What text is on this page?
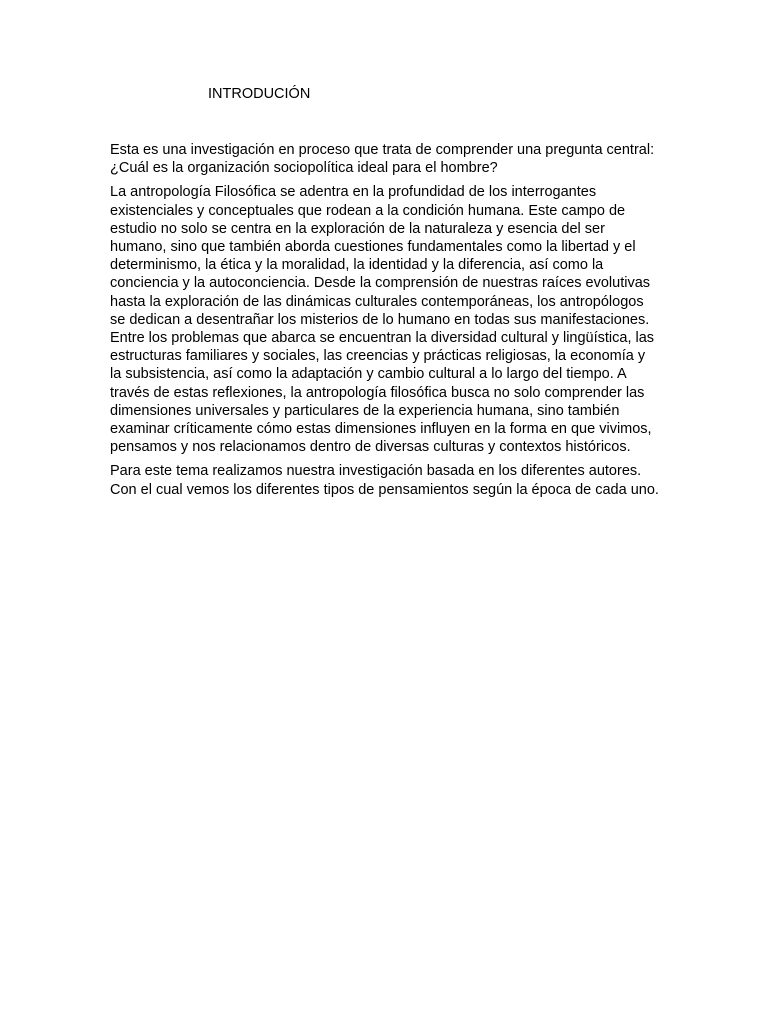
INTRODUCIÓN

Esta es una investigación en proceso que trata de comprender una pregunta central: ¿Cuál es la organización sociopolítica ideal para el hombre?

La antropología Filosófica se adentra en la profundidad de los interrogantes existenciales y conceptuales que rodean a la condición humana. Este campo de estudio no solo se centra en la exploración de la naturaleza y esencia del ser humano, sino que también aborda cuestiones fundamentales como la libertad y el determinismo, la ética y la moralidad, la identidad y la diferencia, así como la conciencia y la autoconciencia. Desde la comprensión de nuestras raíces evolutivas hasta la exploración de las dinámicas culturales contemporáneas, los antropólogos se dedican a desentrañar los misterios de lo humano en todas sus manifestaciones. Entre los problemas que abarca se encuentran la diversidad cultural y lingüística, las estructuras familiares y sociales, las creencias y prácticas religiosas, la economía y la subsistencia, así como la adaptación y cambio cultural a lo largo del tiempo. A través de estas reflexiones, la antropología filosófica busca no solo comprender las dimensiones universales y particulares de la experiencia humana, sino también examinar críticamente cómo estas dimensiones influyen en la forma en que vivimos, pensamos y nos relacionamos dentro de diversas culturas y contextos históricos.

Para este tema realizamos nuestra investigación basada en los diferentes autores. Con el cual vemos los diferentes tipos de pensamientos según la época de cada uno.
